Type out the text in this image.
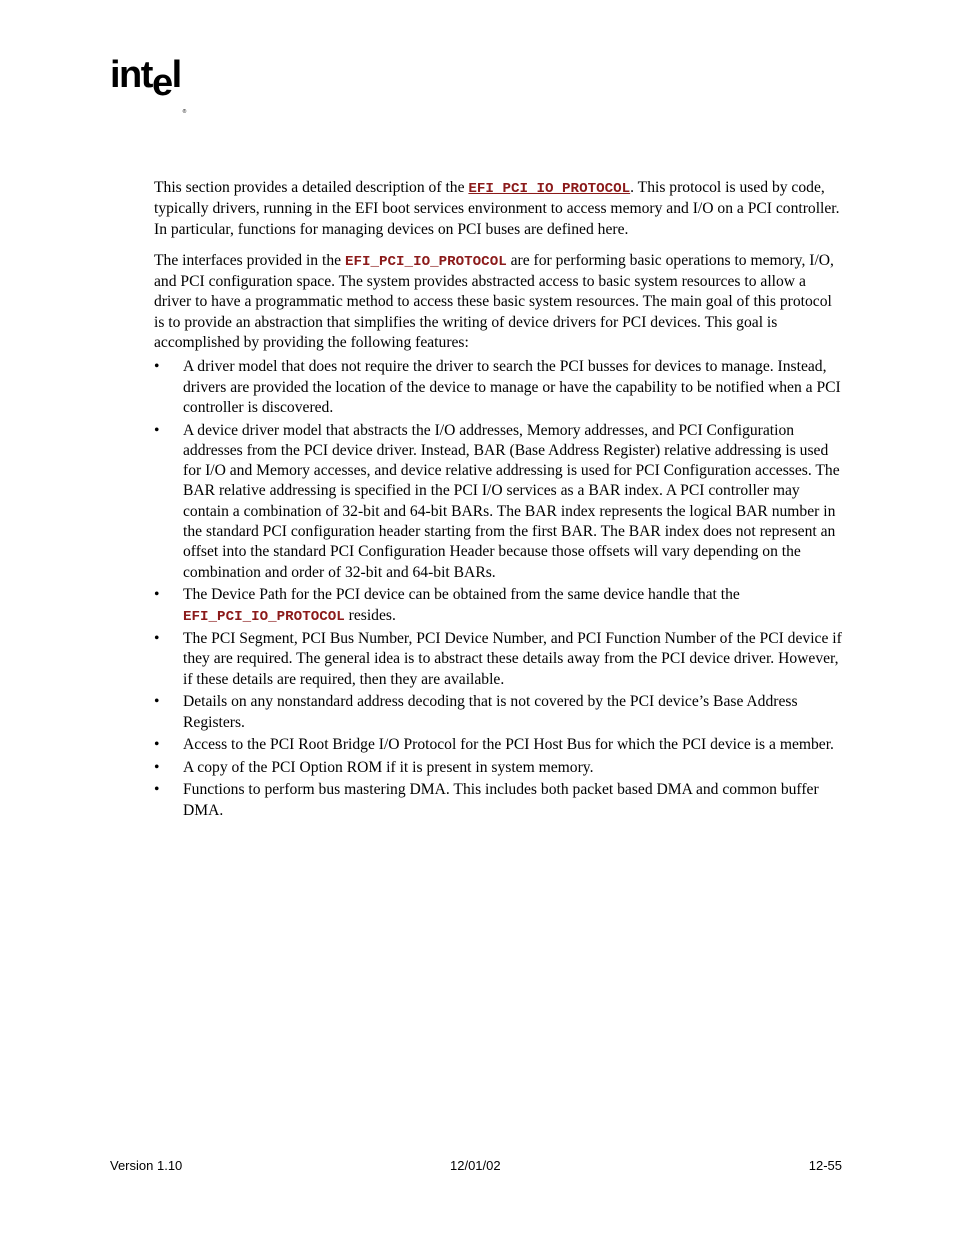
intel$_®$

This section provides a detailed description of the EFI_PCI_IO_PROTOCOL. This protocol is used by code, typically drivers, running in the EFI boot services environment to access memory and I/O on a PCI controller. In particular, functions for managing devices on PCI buses are defined here.

The interfaces provided in the EFI_PCI_IO_PROTOCOL are for performing basic operations to memory, I/O, and PCI configuration space. The system provides abstracted access to basic system resources to allow a driver to have a programmatic method to access these basic system resources. The main goal of this protocol is to provide an abstraction that simplifies the writing of device drivers for PCI devices. This goal is accomplished by providing the following features:

• A driver model that does not require the driver to search the PCI busses for devices to manage. Instead, drivers are provided the location of the device to manage or have the capability to be notified when a PCI controller is discovered.
• A device driver model that abstracts the I/O addresses, Memory addresses, and PCI Configuration addresses from the PCI device driver. Instead, BAR (Base Address Register) relative addressing is used for I/O and Memory accesses, and device relative addressing is used for PCI Configuration accesses. The BAR relative addressing is specified in the PCI I/O services as a BAR index. A PCI controller may contain a combination of 32-bit and 64-bit BARs. The BAR index represents the logical BAR number in the standard PCI configuration header starting from the first BAR. The BAR index does not represent an offset into the standard PCI Configuration Header because those offsets will vary depending on the combination and order of 32-bit and 64-bit BARs.
• The Device Path for the PCI device can be obtained from the same device handle that the EFI_PCI_IO_PROTOCOL resides.
• The PCI Segment, PCI Bus Number, PCI Device Number, and PCI Function Number of the PCI device if they are required. The general idea is to abstract these details away from the PCI device driver. However, if these details are required, then they are available.
• Details on any nonstandard address decoding that is not covered by the PCI device’s Base Address Registers.
• Access to the PCI Root Bridge I/O Protocol for the PCI Host Bus for which the PCI device is a member.
• A copy of the PCI Option ROM if it is present in system memory.
• Functions to perform bus mastering DMA. This includes both packet based DMA and common buffer DMA.
Version 1.10	12/01/02	12-55
